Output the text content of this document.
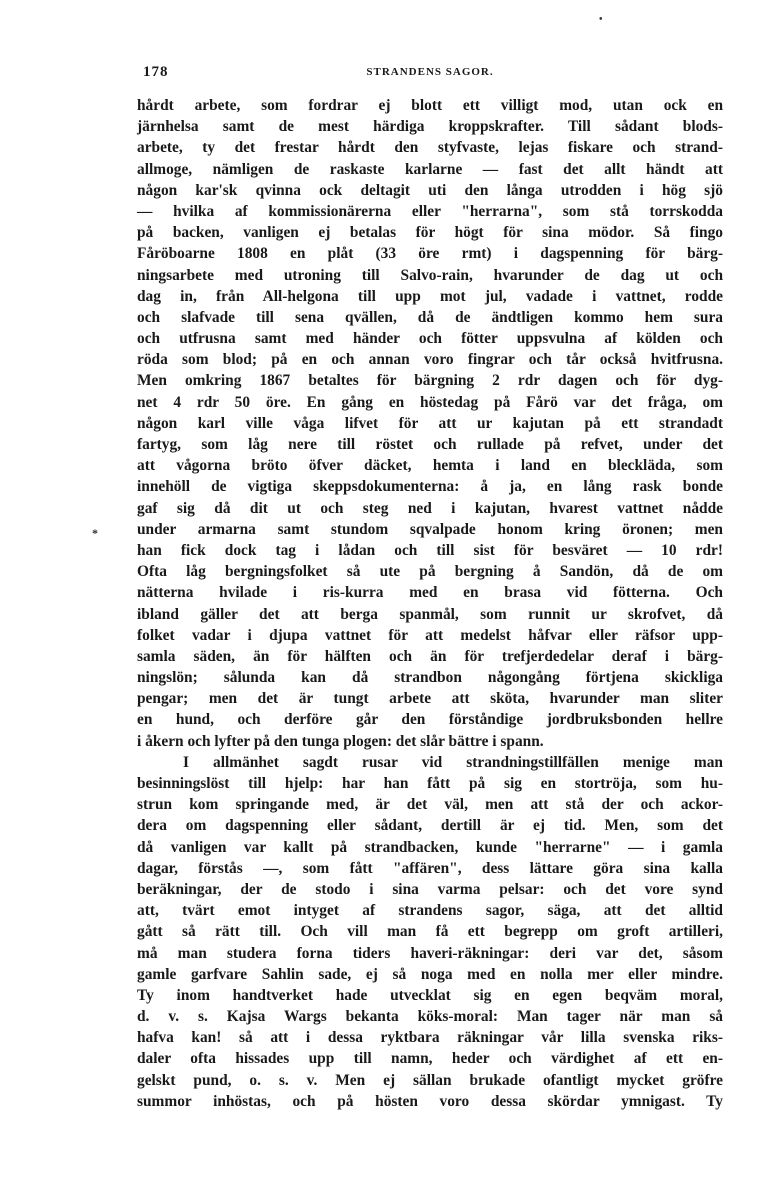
•
*
178	STRANDENS SAGOR.
hårdt arbete, som fordrar ej blott ett villigt mod, utan ock en
järnhelsa samt de mest härdiga kroppskrafter. Till sådant blods-
arbete, ty det frestar hårdt den styfvaste, lejas fiskare och strand-
allmoge, nämligen de raskaste karlarne — fast det allt händt att
någon kar'sk qvinna ock deltagit uti den långa utrodden i hög sjö
— hvilka af kommissionärerna eller "herrarna", som stå torrskodda
på backen, vanligen ej betalas för högt för sina mödor. Så fingo
Fåröboarne 1808 en plåt (33 öre rmt) i dagspenning för bärg-
ningsarbete med utroning till Salvo-rain, hvarunder de dag ut och
dag in, från All-helgona till upp mot jul, vadade i vattnet, rodde
och slafvade till sena qvällen, då de ändtligen kommo hem sura
och utfrusna samt med händer och fötter uppsvulna af kölden och
röda som blod; på en och annan voro fingrar och tår också hvitfrusna.
Men omkring 1867 betaltes för bärgning 2 rdr dagen och för dyg-
net 4 rdr 50 öre. En gång en höstedag på Fårö var det fråga, om
någon karl ville våga lifvet för att ur kajutan på ett strandadt
fartyg, som låg nere till röstet och rullade på refvet, under det
att vågorna bröto öfver däcket, hemta i land en bleckläda, som
innehöll de vigtiga skeppsdokumenterna: å ja, en lång rask bonde
gaf sig då dit ut och steg ned i kajutan, hvarest vattnet nådde
under armarna samt stundom sqvalpade honom kring öronen; men
han fick dock tag i lådan och till sist för besväret — 10 rdr!
Ofta låg bergningsfolket så ute på bergning å Sandön, då de om
nätterna hvilade i ris-kurra med en brasa vid fötterna. Och
ibland gäller det att berga spanmål, som runnit ur skrofvet, då
folket vadar i djupa vattnet för att medelst håfvar eller räfsor upp-
samla säden, än för hälften och än för trefjerdedelar deraf i bärg-
ningslön; sålunda kan då strandbon någongång förtjena skickliga
pengar; men det är tungt arbete att sköta, hvarunder man sliter
en hund, och derföre går den förståndige jordbruksbonden hellre
i åkern och lyfter på den tunga plogen: det slår bättre i spann.
I allmänhet sagdt rusar vid strandningstillfällen menige man
besinningslöst till hjelp: har han fått på sig en stortröja, som hu-
strun kom springande med, är det väl, men att stå der och ackor-
dera om dagspenning eller sådant, dertill är ej tid. Men, som det
då vanligen var kallt på strandbacken, kunde "herrarne" — i gamla
dagar, förstås —, som fått "affären", dess lättare göra sina kalla
beräkningar, der de stodo i sina varma pelsar: och det vore synd
att, tvärt emot intyget af strandens sagor, säga, att det alltid
gått så rätt till. Och vill man få ett begrepp om groft artilleri,
må man studera forna tiders haveri-räkningar: deri var det, såsom
gamle garfvare Sahlin sade, ej så noga med en nolla mer eller mindre.
Ty inom handtverket hade utvecklat sig en egen beqväm moral,
d. v. s. Kajsa Wargs bekanta köks-moral: Man tager när man så
hafva kan! så att i dessa ryktbara räkningar vår lilla svenska riks-
daler ofta hissades upp till namn, heder och värdighet af ett en-
gelskt pund, o. s. v. Men ej sällan brukade ofantligt mycket gröfre
summor inhöstas, och på hösten voro dessa skördar ymnigast. Ty
